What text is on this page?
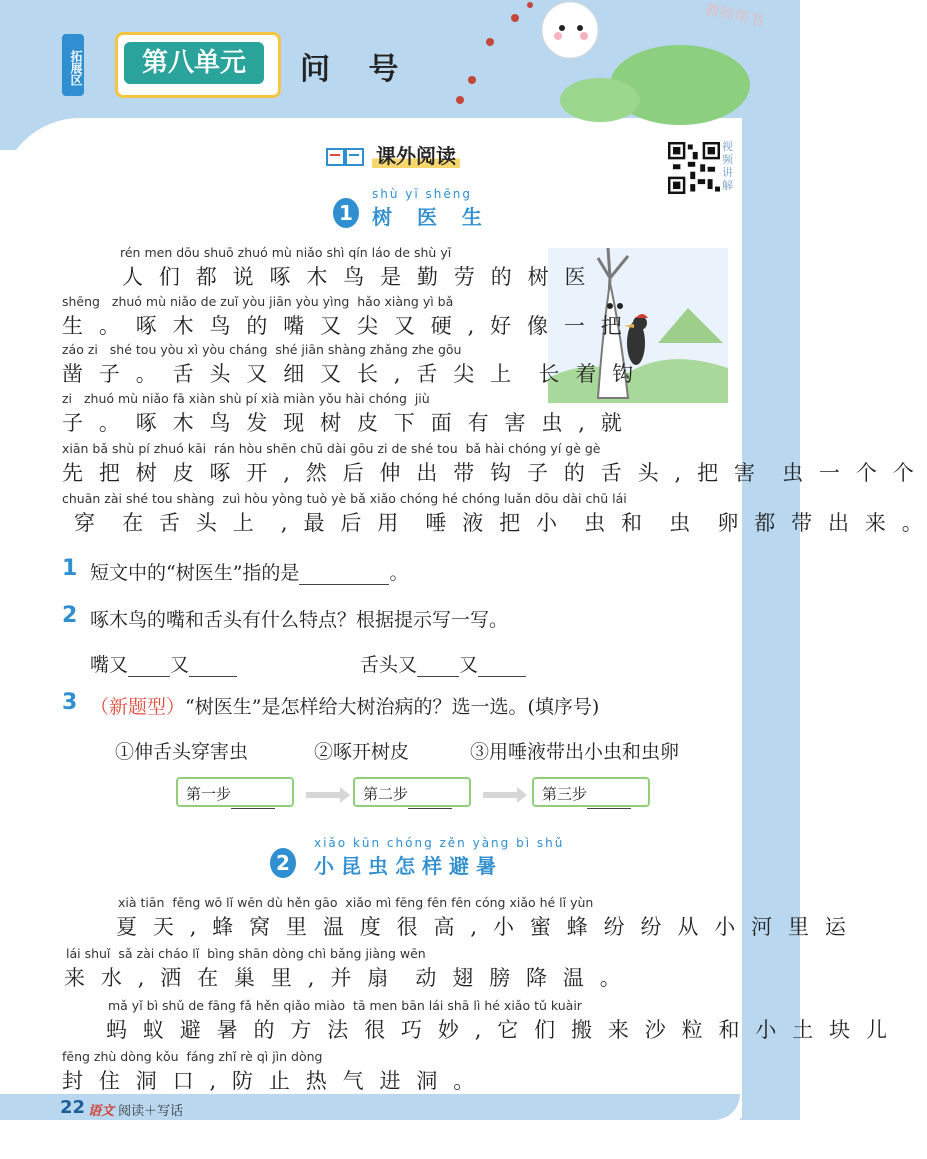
教师用书
拓展区	第八单元	问 号
课外阅读	视频讲解
1
shù yī shēng
树 医 生
rén men dōu shuō zhuó mù niǎo shì qín láo de shù yī
人 们 都 说 啄 木 鸟 是 勤 劳 的 树 医
shēng   zhuó mù niǎo de zuǐ yòu jiān yòu yìng  hǎo xiàng yì bǎ
生 。 啄 木 鸟 的 嘴 又 尖 又 硬 , 好 像 一 把
záo zi   shé tou yòu xì yòu cháng  shé jiān shàng zhǎng zhe gōu
凿 子 。 舌 头 又 细 又 长 , 舌 尖 上  长 着 钩
zi   zhuó mù niǎo fā xiàn shù pí xià miàn yǒu hài chóng  jiù
子 。 啄 木 鸟 发 现 树 皮 下 面 有 害 虫 , 就
xiān bǎ shù pí zhuó kāi  rán hòu shēn chū dài gōu zi de shé tou  bǎ hài chóng yí gè gè
先 把 树 皮 啄 开 , 然 后 伸 出 带 钩 子 的 舌 头 , 把 害  虫 一 个 个
chuān zài shé tou shàng  zuì hòu yòng tuò yè bǎ xiǎo chóng hé chóng luǎn dōu dài chū lái
穿  在 舌 头 上  , 最 后 用  唾 液 把 小  虫 和  虫  卵 都 带 出 来 。
1 短文中的“树医生”指的是	。
2 啄木鸟的嘴和舌头有什么特点？根据提示写一写。
嘴又 又	舌头又 又
3 （新题型）“树医生”是怎样给大树治病的？选一选。(填序号)
①伸舌头穿害虫	②啄开树皮	③用唾液带出小虫和虫卵
第一步	第二步	第三步
2
xiǎo kūn chóng zěn yàng bì shǔ
小昆虫怎样避暑
xià tiān  fēng wō lǐ wēn dù hěn gāo  xiǎo mì fēng fēn fēn cóng xiǎo hé lǐ yùn
夏 天 , 蜂 窝 里 温 度 很 高 , 小 蜜 蜂 纷 纷 从 小 河 里 运
lái shuǐ  sǎ zài cháo lǐ  bìng shān dòng chì bǎng jiàng wēn
来 水 , 洒 在 巢 里 , 并 扇  动 翅 膀 降 温 。
mǎ yǐ bì shǔ de fāng fǎ hěn qiǎo miào  tā men bān lái shā lì hé xiǎo tǔ kuàir
蚂 蚁 避 暑 的 方 法 很 巧 妙 , 它 们 搬 来 沙 粒 和 小 土 块 儿
fēng zhù dòng kǒu  fáng zhǐ rè qì jìn dòng
封 住 洞 口 , 防 止 热 气 进 洞 。
22 语文 阅读＋写话
